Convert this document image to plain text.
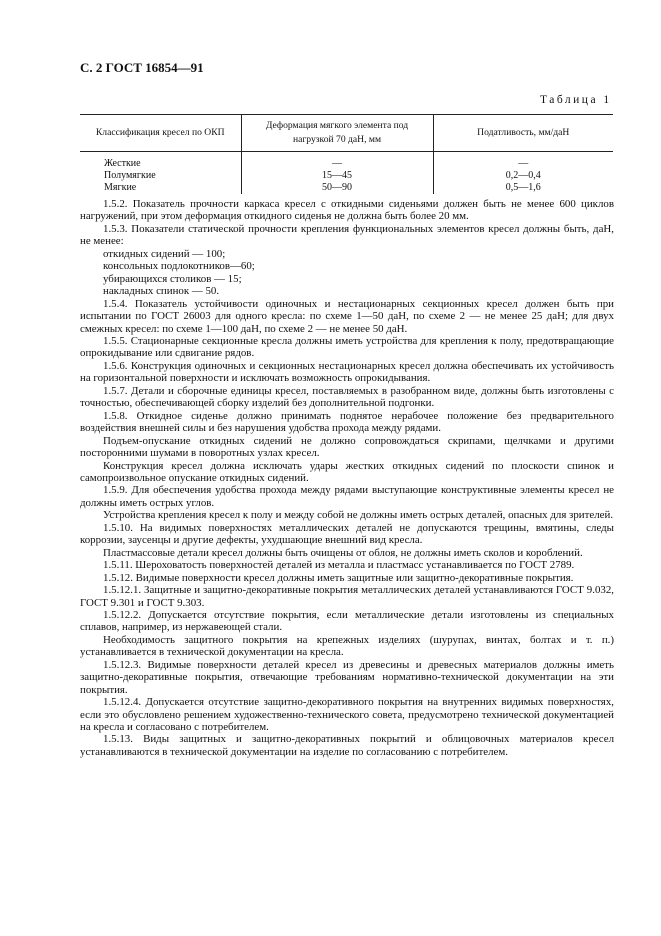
С. 2 ГОСТ 16854—91
Таблица 1
Классификация кресел по ОКП	Деформация мягкого элемента под нагрузкой 70 даН, мм	Податливость, мм/даН
Жесткие	—	—
Полумягкие	15—45	0,2—0,4
Мягкие	50—90	0,5—1,6

1.5.2. Показатель прочности каркаса кресел с откидными сиденьями должен быть не менее 600 циклов нагружений, при этом деформация откидного сиденья не должна быть более 20 мм.

1.5.3. Показатели статической прочности крепления функциональных элементов кресел должны быть, даН, не менее:

откидных сидений — 100;

консольных подлокотников—60;

убирающихся столиков — 15;

накладных спинок — 50.

1.5.4. Показатель устойчивости одиночных и нестационарных секционных кресел должен быть при испытании по ГОСТ 26003 для одного кресла: по схеме 1—50 даН, по схеме 2 — не менее 25 даН; для двух смежных кресел: по схеме 1—100 даН, по схеме 2 — не менее 50 даН.

1.5.5. Стационарные секционные кресла должны иметь устройства для крепления к полу, предотвращающие опрокидывание или сдвигание рядов.

1.5.6. Конструкция одиночных и секционных нестационарных кресел должна обеспечивать их устойчивость на горизонтальной поверхности и исключать возможность опрокидывания.

1.5.7. Детали и сборочные единицы кресел, поставляемых в разобранном виде, должны быть изготовлены с точностью, обеспечивающей сборку изделий без дополнительной подгонки.

1.5.8. Откидное сиденье должно принимать поднятое нерабочее положение без предварительного воздействия внешней силы и без нарушения удобства прохода между рядами.

Подъем-опускание откидных сидений не должно сопровождаться скрипами, щелчками и другими посторонними шумами в поворотных узлах кресел.

Конструкция кресел должна исключать удары жестких откидных сидений по плоскости спинок и самопроизвольное опускание откидных сидений.

1.5.9. Для обеспечения удобства прохода между рядами выступающие конструктивные элементы кресел не должны иметь острых углов.

Устройства крепления кресел к полу и между собой не должны иметь острых деталей, опасных для зрителей.

1.5.10. На видимых поверхностях металлических деталей не допускаются трещины, вмятины, следы коррозии, заусенцы и другие дефекты, ухудшающие внешний вид кресла.

Пластмассовые детали кресел должны быть очищены от облоя, не должны иметь сколов и короблений.

1.5.11. Шероховатость поверхностей деталей из металла и пластмасс устанавливается по ГОСТ 2789.

1.5.12. Видимые поверхности кресел должны иметь защитные или защитно-декоративные покрытия.

1.5.12.1. Защитные и защитно-декоративные покрытия металлических деталей устанавливаются ГОСТ 9.032, ГОСТ 9.301 и ГОСТ 9.303.

1.5.12.2. Допускается отсутствие покрытия, если металлические детали изготовлены из специальных сплавов, например, из нержавеющей стали.

Необходимость защитного покрытия на крепежных изделиях (шурупах, винтах, болтах и т. п.) устанавливается в технической документации на кресла.

1.5.12.3. Видимые поверхности деталей кресел из древесины и древесных материалов должны иметь защитно-декоративные покрытия, отвечающие требованиям нормативно-технической документации на эти покрытия.

1.5.12.4. Допускается отсутствие защитно-декоративного покрытия на внутренних видимых поверхностях, если это обусловлено решением художественно-технического совета, предусмотрено технической документацией на кресла и согласовано с потребителем.

1.5.13. Виды защитных и защитно-декоративных покрытий и облицовочных материалов кресел устанавливаются в технической документации на изделие по согласованию с потребителем.
